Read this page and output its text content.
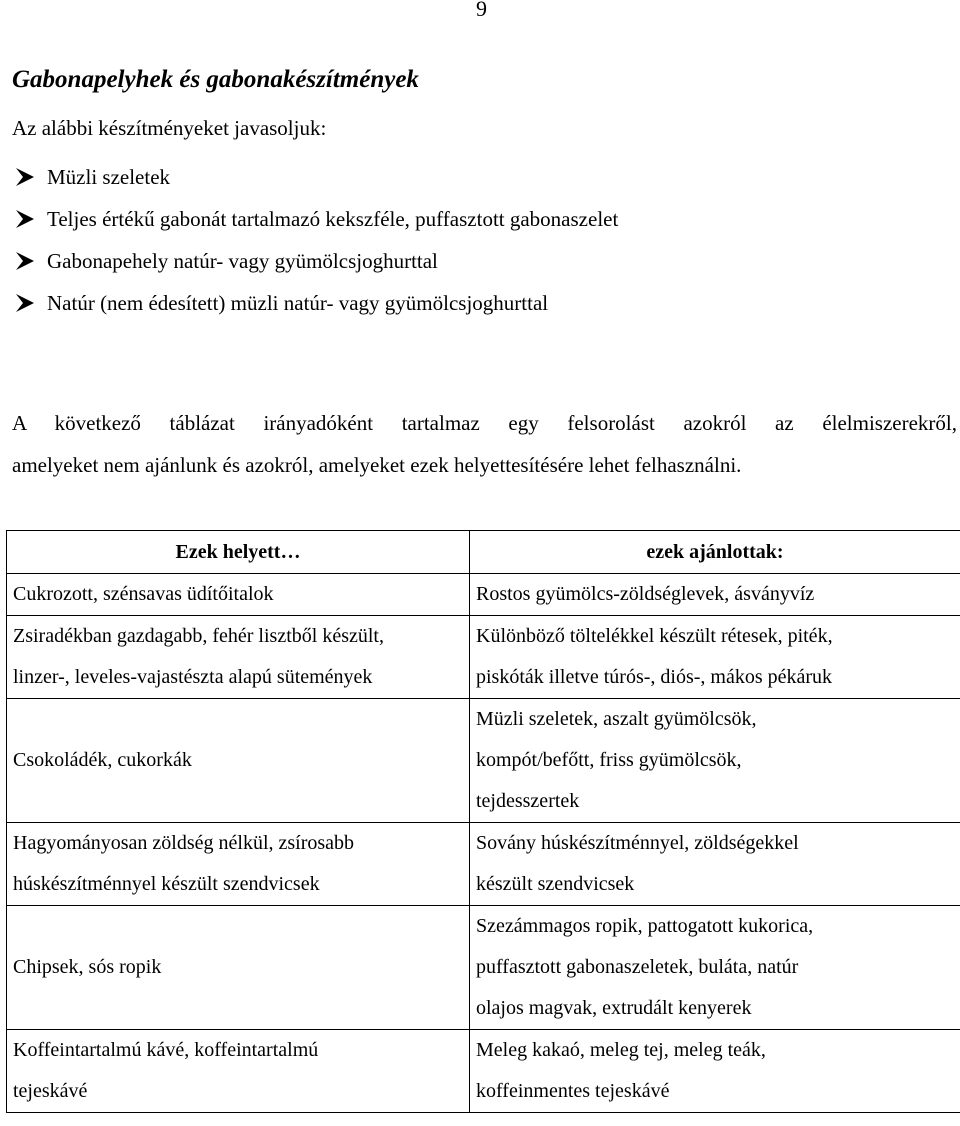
9
Gabonapelyhek és gabonakészítmények
Az alábbi készítményeket javasoljuk:
Müzli szeletek
Teljes értékű gabonát tartalmazó kekszféle, puffasztott gabonaszelet
Gabonapehely natúr- vagy gyümölcsjoghurttal
Natúr (nem édesített) müzli natúr- vagy gyümölcsjoghurttal
A következő táblázat irányadóként tartalmaz egy felsorolást azokról az élelmiszerekről,
amelyeket nem ajánlunk és azokról, amelyeket ezek helyettesítésére lehet felhasználni.
Ezek helyett…	ezek ajánlottak:

Cukrozott, szénsavas üdítőitalok	Rostos gyümölcs-zöldséglevek, ásványvíz

Zsiradékban gazdagabb, fehér lisztből készült,
linzer-, leveles-vajastészta alapú sütemények	Különböző töltelékkel készült rétesek, piték,
piskóták illetve túrós-, diós-, mákos pékáruk

Csokoládék, cukorkák	Müzli szeletek, aszalt gyümölcsök,
kompót/befőtt, friss gyümölcsök,
tejdesszertek

Hagyományosan zöldség nélkül, zsírosabb
húskészítménnyel készült szendvicsek	Sovány húskészítménnyel, zöldségekkel
készült szendvicsek

Chipsek, sós ropik	Szezámmagos ropik, pattogatott kukorica,
puffasztott gabonaszeletek, buláta, natúr
olajos magvak, extrudált kenyerek

Koffeintartalmú kávé, koffeintartalmú
tejeskávé	Meleg kakaó, meleg tej, meleg teák,
koffeinmentes tejeskávé
